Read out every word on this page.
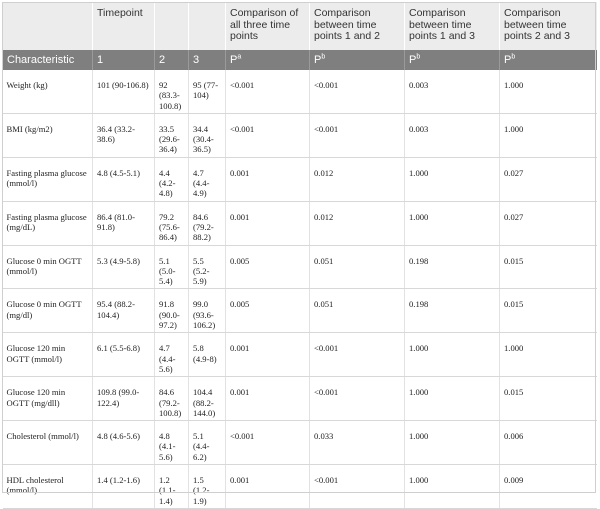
	Timepoint			Comparison of all three time points	Comparison between time points 1 and 2	Comparison between time points 1 and 3	Comparison between time points 2 and 3
Characteristic	1	2	3	$P^a$	$P^b$	$P^b$	$P^b$
Weight (kg)	101 (90-106.8)	92 (83.3-100.8)	95 (77-104)	<0.001	<0.001	0.003	1.000
BMI (kg/m2)	36.4 (33.2-38.6)	33.5 (29.6-36.4)	34.4 (30.4-36.5)	<0.001	<0.001	0.003	1.000
Fasting plasma glucose (mmol/l)	4.8 (4.5-5.1)	4.4 (4.2-4.8)	4.7 (4.4-4.9)	0.001	0.012	1.000	0.027
Fasting plasma glucose (mg/dL)	86.4 (81.0-91.8)	79.2 (75.6-86.4)	84.6 (79.2-88.2)	0.001	0.012	1.000	0.027
Glucose 0 min OGTT (mmol/l)	5.3 (4.9-5.8)	5.1 (5.0-5.4)	5.5 (5.2-5.9)	0.005	0.051	0.198	0.015
Glucose 0 min OGTT (mg/dl)	95.4 (88.2-104.4)	91.8 (90.0-97.2)	99.0 (93.6-106.2)	0.005	0.051	0.198	0.015
Glucose 120 min OGTT (mmol/l)	6.1 (5.5-6.8)	4.7 (4.4-5.6)	5.8 (4.9-8)	0.001	<0.001	1.000	1.000
Glucose 120 min OGTT (mg/dll)	109.8 (99.0-122.4)	84.6 (79.2-100.8)	104.4 (88.2-144.0)	0.001	<0.001	1.000	0.015
Cholesterol (mmol/l)	4.8 (4.6-5.6)	4.8 (4.1-5.6)	5.1 (4.4-6.2)	<0.001	0.033	1.000	0.006
HDL cholesterol (mmol/l)	1.4 (1.2-1.6)	1.2 (1.1-1.4)	1.5 (1.2-1.9)	0.001	<0.001	1.000	0.009
